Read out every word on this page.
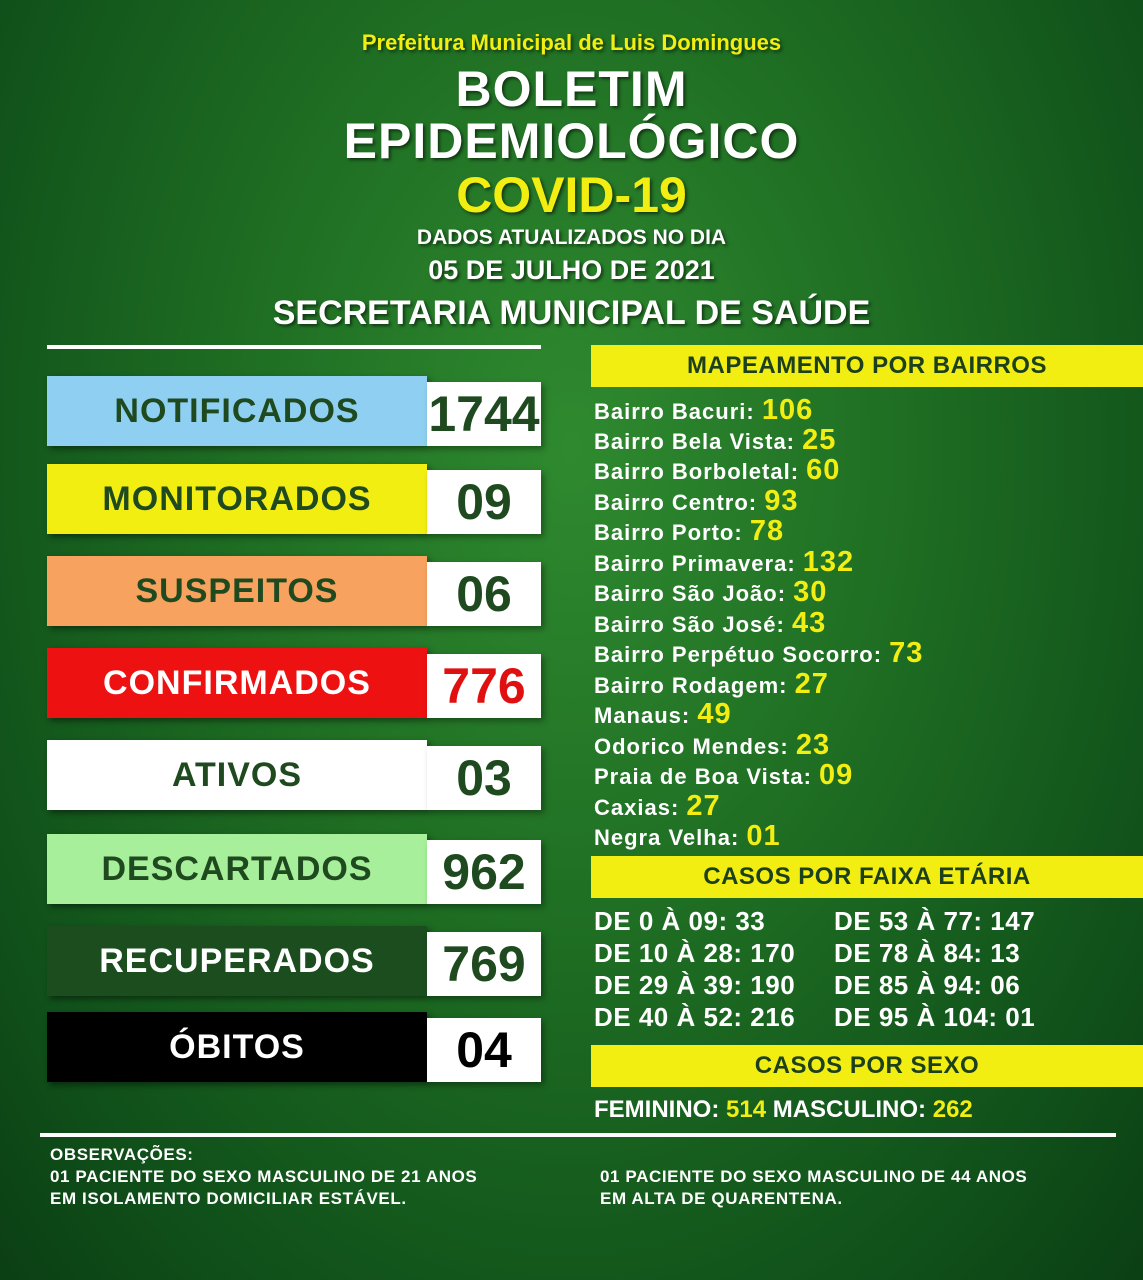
Prefeitura Municipal de Luis Domingues
BOLETIM
EPIDEMIOLÓGICO
COVID-19
DADOS ATUALIZADOS NO DIA
05 DE JULHO DE 2021
SECRETARIA MUNICIPAL DE SAÚDE
NOTIFICADOS	1744
MONITORADOS	09
SUSPEITOS	06
CONFIRMADOS	776
ATIVOS	03
DESCARTADOS	962
RECUPERADOS	769
ÓBITOS	04
MAPEAMENTO POR BAIRROS
Bairro Bacuri: 106
Bairro Bela Vista: 25
Bairro Borboletal: 60
Bairro Centro: 93
Bairro Porto: 78
Bairro Primavera: 132
Bairro São João: 30
Bairro São José: 43
Bairro Perpétuo Socorro: 73
Bairro Rodagem: 27
Manaus: 49
Odorico Mendes: 23
Praia de Boa Vista: 09
Caxias: 27
Negra Velha: 01
CASOS POR FAIXA ETÁRIA
DE 0 À 09: 33
DE 10 À 28: 170
DE 29 À 39: 190
DE 40 À 52: 216
DE 53 À 77: 147
DE 78 À 84: 13
DE 85 À 94: 06
DE 95 À 104: 01
CASOS POR SEXO
FEMININO: 514 MASCULINO: 262
OBSERVAÇÕES:
01 PACIENTE DO SEXO MASCULINO DE 21 ANOS
EM ISOLAMENTO DOMICILIAR ESTÁVEL.
01 PACIENTE DO SEXO MASCULINO DE 44 ANOS
EM ALTA DE QUARENTENA.
